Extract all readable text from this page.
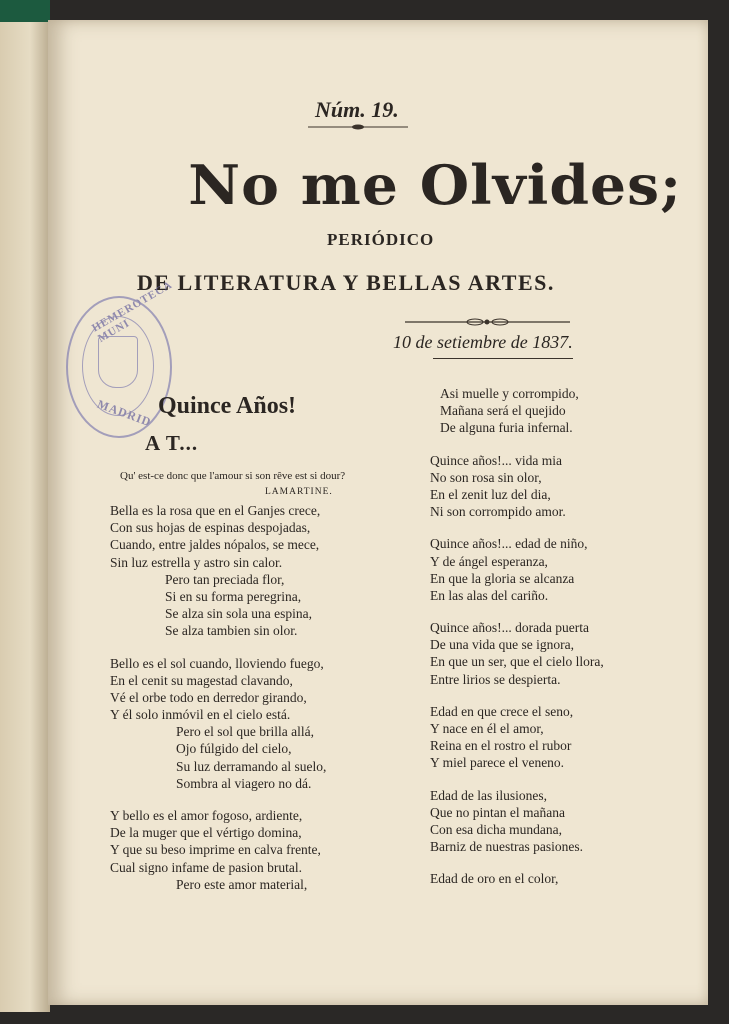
Núm. 19.
No me Olvides;
PERIÓDICO
DE LITERATURA Y BELLAS ARTES.
10 de setiembre de 1837.
HEMEROTECA MUNI
MADRID Quince Años!
A T...
Qu' est-ce donc que l'amour si son rêve est si dour?
LAMARTINE.
Bella es la rosa que en el Ganjes crece,
Con sus hojas de espinas despojadas,
Cuando, entre jaldes nópalos, se mece,
Sin luz estrella y astro sin calor.
Pero tan preciada flor,
Si en su forma peregrina,
Se alza sin sola una espina,
Se alza tambien sin olor.
Bello es el sol cuando, lloviendo fuego,
En el cenit su magestad clavando,
Vé el orbe todo en derredor girando,
Y él solo inmóvil en el cielo está.
Pero el sol que brilla allá,
Ojo fúlgido del cielo,
Su luz derramando al suelo,
Sombra al viagero no dá.
Y bello es el amor fogoso, ardiente,
De la muger que el vértigo domina,
Y que su beso imprime en calva frente,
Cual signo infame de pasion brutal.
Pero este amor material,
Asi muelle y corrompido,
Mañana será el quejido
De alguna furia infernal.
Quince años!... vida mia
No son rosa sin olor,
En el zenit luz del dia,
Ni son corrompido amor.
Quince años!... edad de niño,
Y de ángel esperanza,
En que la gloria se alcanza
En las alas del cariño.
Quince años!... dorada puerta
De una vida que se ignora,
En que un ser, que el cielo llora,
Entre lirios se despierta.
Edad en que crece el seno,
Y nace en él el amor,
Reina en el rostro el rubor
Y miel parece el veneno.
Edad de las ilusiones,
Que no pintan el mañana
Con esa dicha mundana,
Barniz de nuestras pasiones.
Edad de oro en el color,
